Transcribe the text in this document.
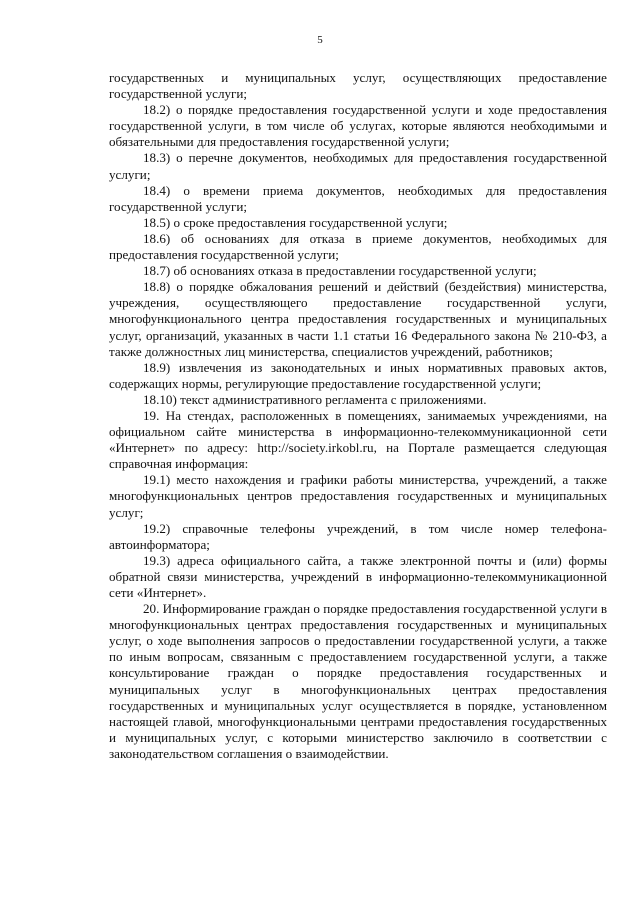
5

государственных и муниципальных услуг, осуществляющих предоставление государственной услуги;

18.2) о порядке предоставления государственной услуги и ходе предоставления государственной услуги, в том числе об услугах, которые являются необходимыми и обязательными для предоставления государственной услуги;

18.3) о перечне документов, необходимых для предоставления государственной услуги;

18.4) о времени приема документов, необходимых для предоставления государственной услуги;

18.5) о сроке предоставления государственной услуги;

18.6) об основаниях для отказа в приеме документов, необходимых для предоставления государственной услуги;

18.7) об основаниях отказа в предоставлении государственной услуги;

18.8) о порядке обжалования решений и действий (бездействия) министерства, учреждения, осуществляющего предоставление государственной услуги, многофункционального центра предоставления государственных и муниципальных услуг, организаций, указанных в части 1.1 статьи 16 Федерального закона № 210-ФЗ, а также должностных лиц министерства, специалистов учреждений, работников;

18.9) извлечения из законодательных и иных нормативных правовых актов, содержащих нормы, регулирующие предоставление государственной услуги;

18.10) текст административного регламента с приложениями.

19. На стендах, расположенных в помещениях, занимаемых учреждениями, на официальном сайте министерства в информационно-телекоммуникационной сети «Интернет» по адресу: http://society.irkobl.ru, на Портале размещается следующая справочная информация:

19.1) место нахождения и графики работы министерства, учреждений, а также многофункциональных центров предоставления государственных и муниципальных услуг;

19.2) справочные телефоны учреждений, в том числе номер телефона-автоинформатора;

19.3) адреса официального сайта, а также электронной почты и (или) формы обратной связи министерства, учреждений в информационно-телекоммуникационной сети «Интернет».

20. Информирование граждан о порядке предоставления государственной услуги в многофункциональных центрах предоставления государственных и муниципальных услуг, о ходе выполнения запросов о предоставлении государственной услуги, а также по иным вопросам, связанным с предоставлением государственной услуги, а также консультирование граждан о порядке предоставления государственных и муниципальных услуг в многофункциональных центрах предоставления государственных и муниципальных услуг осуществляется в порядке, установленном настоящей главой, многофункциональными центрами предоставления государственных и муниципальных услуг, с которыми министерство заключило в соответствии с законодательством соглашения о взаимодействии.
